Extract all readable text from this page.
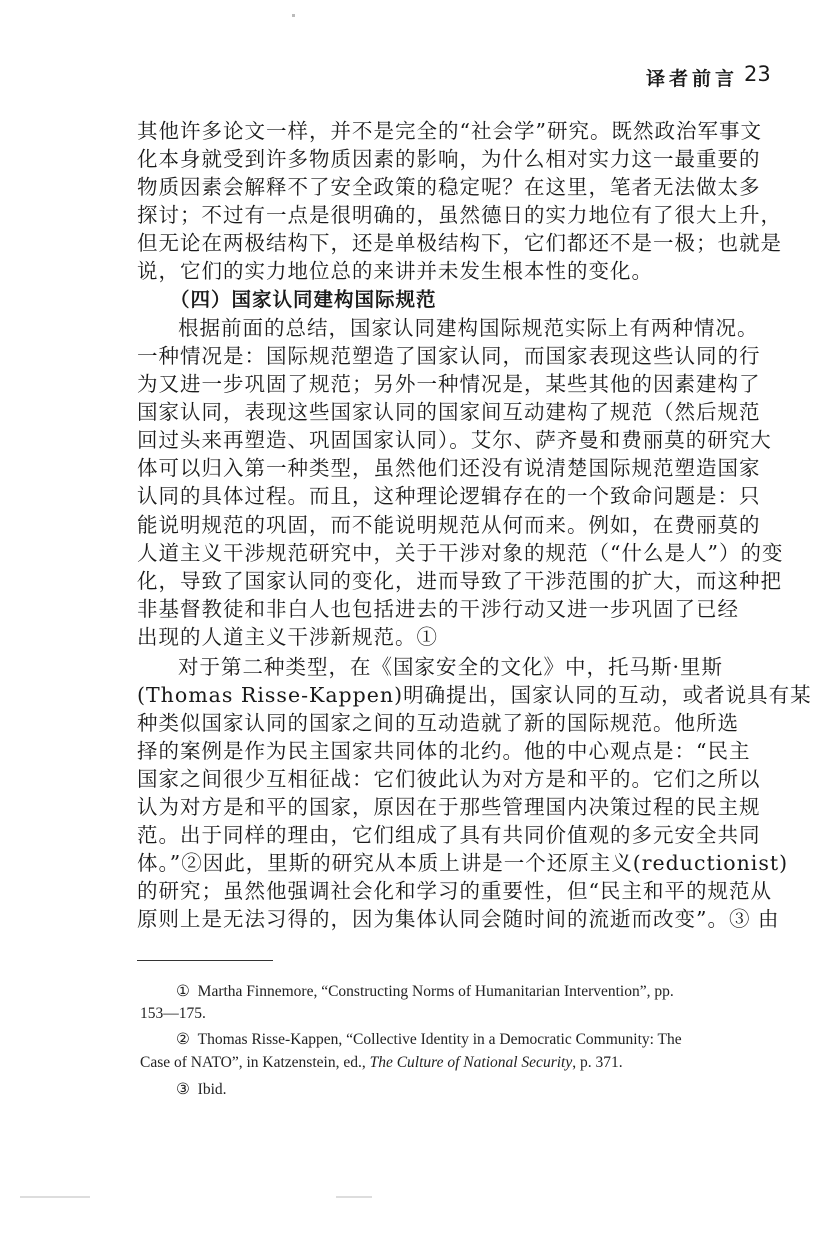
译者前言 23
其他许多论文一样，并不是完全的“社会学”研究。既然政治军事文
化本身就受到许多物质因素的影响，为什么相对实力这一最重要的
物质因素会解释不了安全政策的稳定呢？在这里，笔者无法做太多
探讨；不过有一点是很明确的，虽然德日的实力地位有了很大上升，
但无论在两极结构下，还是单极结构下，它们都还不是一极；也就是
说，它们的实力地位总的来讲并未发生根本性的变化。
（四）国家认同建构国际规范
根据前面的总结，国家认同建构国际规范实际上有两种情况。
一种情况是：国际规范塑造了国家认同，而国家表现这些认同的行
为又进一步巩固了规范；另外一种情况是，某些其他的因素建构了
国家认同，表现这些国家认同的国家间互动建构了规范（然后规范
回过头来再塑造、巩固国家认同）。艾尔、萨齐曼和费丽莫的研究大
体可以归入第一种类型，虽然他们还没有说清楚国际规范塑造国家
认同的具体过程。而且，这种理论逻辑存在的一个致命问题是：只
能说明规范的巩固，而不能说明规范从何而来。例如，在费丽莫的
人道主义干涉规范研究中，关于干涉对象的规范（“什么是人”）的变
化，导致了国家认同的变化，进而导致了干涉范围的扩大，而这种把
非基督教徒和非白人也包括进去的干涉行动又进一步巩固了已经
出现的人道主义干涉新规范。①
对于第二种类型，在《国家安全的文化》中，托马斯·里斯
(Thomas Risse-Kappen)明确提出，国家认同的互动，或者说具有某
种类似国家认同的国家之间的互动造就了新的国际规范。他所选
择的案例是作为民主国家共同体的北约。他的中心观点是：“民主
国家之间很少互相征战：它们彼此认为对方是和平的。它们之所以
认为对方是和平的国家，原因在于那些管理国内决策过程的民主规
范。出于同样的理由，它们组成了具有共同价值观的多元安全共同
体。”②因此，里斯的研究从本质上讲是一个还原主义(reductionist)
的研究；虽然他强调社会化和学习的重要性，但“民主和平的规范从
原则上是无法习得的，因为集体认同会随时间的流逝而改变”。③ 由
① Martha Finnemore, “Constructing Norms of Humanitarian Intervention”, pp.
153—175.
② Thomas Risse-Kappen, “Collective Identity in a Democratic Community: The
Case of NATO”, in Katzenstein, ed., The Culture of National Security, p. 371.
③ Ibid.
